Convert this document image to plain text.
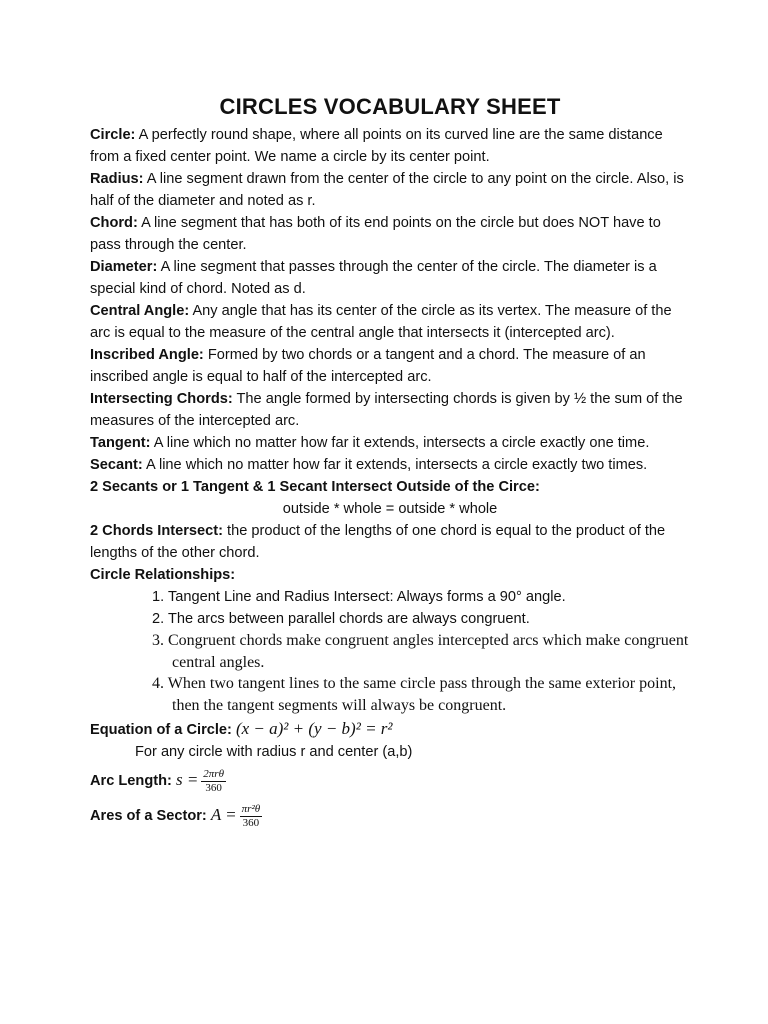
CIRCLES VOCABULARY SHEET

Circle: A perfectly round shape, where all points on its curved line are the same distance from a fixed center point. We name a circle by its center point.

Radius: A line segment drawn from the center of the circle to any point on the circle. Also, is half of the diameter and noted as r.

Chord: A line segment that has both of its end points on the circle but does NOT have to pass through the center.

Diameter: A line segment that passes through the center of the circle. The diameter is a special kind of chord. Noted as d.

Central Angle: Any angle that has its center of the circle as its vertex. The measure of the arc is equal to the measure of the central angle that intersects it (intercepted arc).

Inscribed Angle: Formed by two chords or a tangent and a chord. The measure of an inscribed angle is equal to half of the intercepted arc.

Intersecting Chords: The angle formed by intersecting chords is given by ½ the sum of the measures of the intercepted arc.

Tangent: A line which no matter how far it extends, intersects a circle exactly one time.

Secant: A line which no matter how far it extends, intersects a circle exactly two times.

2 Secants or 1 Tangent & 1 Secant Intersect Outside of the Circe:

outside * whole = outside * whole

2 Chords Intersect: the product of the lengths of one chord is equal to the product of the lengths of the other chord.

Circle Relationships:

1. Tangent Line and Radius Intersect: Always forms a 90° angle.
2. The arcs between parallel chords are always congruent.
3. Congruent chords make congruent angles intercepted arcs which make congruent central angles.
4. When two tangent lines to the same circle pass through the same exterior point, then the tangent segments will always be congruent.

Equation of a Circle: (x − a)² + (y − b)² = r²

For any circle with radius r and center (a,b)

Arc Length: $s = \frac{\text{2πrθ}}{360}$

Ares of a Sector: $A = \frac{\text{πr²θ}}{360}$
